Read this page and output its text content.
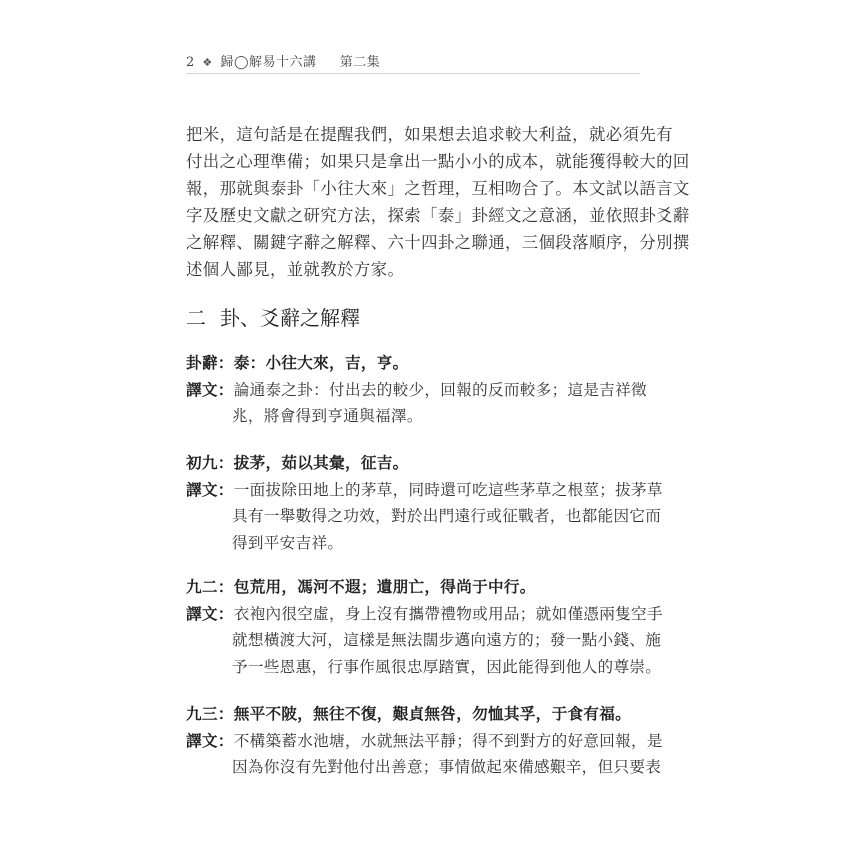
2 ❖ 歸◯解易十六講 第二集
把米，這句話是在提醒我們，如果想去追求較大利益，就必須先有
付出之心理準備；如果只是拿出一點小小的成本，就能獲得較大的回
報，那就與泰卦「小往大來」之哲理，互相吻合了。本文試以語言文
字及歷史文獻之研究方法，探索「泰」卦經文之意涵，並依照卦爻辭
之解釋、關鍵字辭之解釋、六十四卦之聯通，三個段落順序，分別撰
述個人鄙見，並就教於方家。
二 卦、爻辭之解釋
卦辭：泰：小往大來，吉，亨。
譯文：論通泰之卦：付出去的較少，回報的反而較多；這是吉祥徵
兆，將會得到亨通與福澤。
初九：拔茅，茹以其彙，征吉。
譯文：一面拔除田地上的茅草，同時還可吃這些茅草之根莖；拔茅草
具有一舉數得之功效，對於出門遠行或征戰者，也都能因它而
得到平安吉祥。
九二：包荒用，馮河不遐；遺朋亡，得尚于中行。
譯文：衣袍內很空虛，身上沒有攜帶禮物或用品；就如僅憑兩隻空手
就想橫渡大河，這樣是無法闊步邁向遠方的；發一點小錢、施
予一些恩惠，行事作風很忠厚踏實，因此能得到他人的尊崇。
九三：無平不陂，無往不復，艱貞無咎，勿恤其孚，于食有福。
譯文：不構築蓄水池塘，水就無法平靜；得不到對方的好意回報，是
因為你沒有先對他付出善意；事情做起來備感艱辛，但只要表
